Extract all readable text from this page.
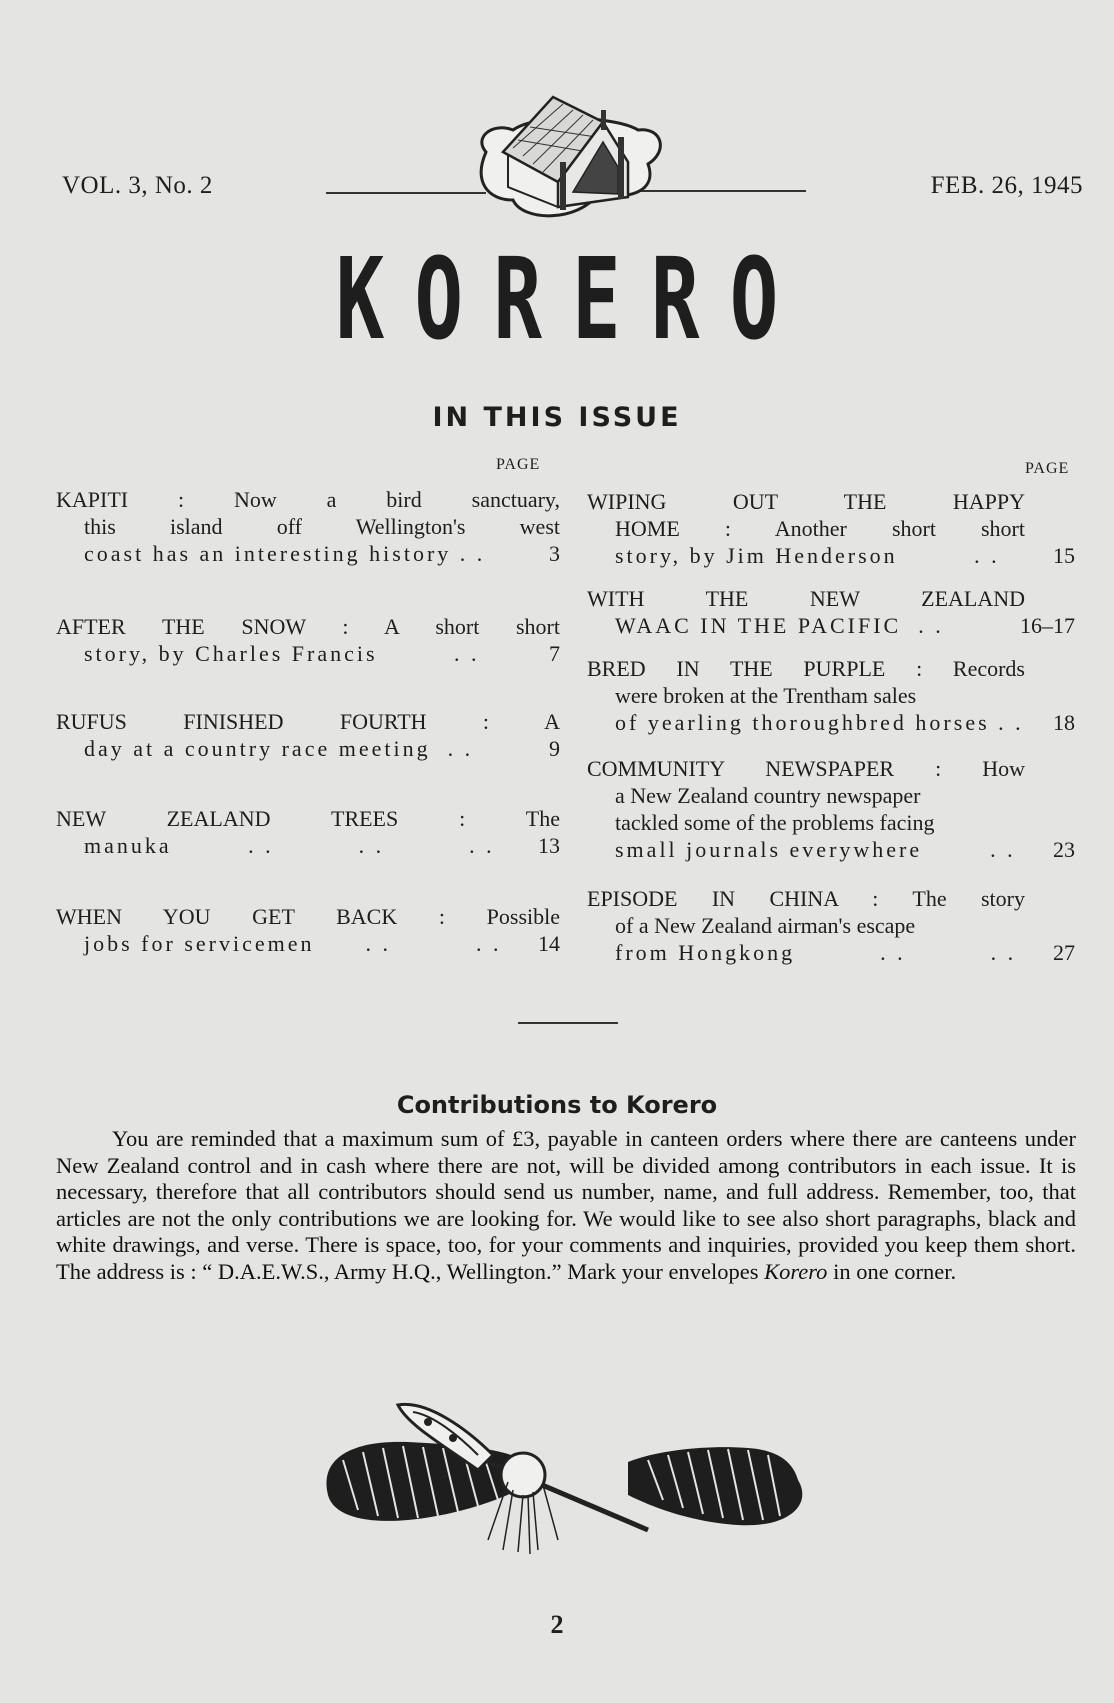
VOL. 3, No. 2	FEB. 26, 1945
KORERO
IN THIS ISSUE
PAGE	PAGE
KAPITI : Now a bird sanctuary,
this island off Wellington's west
coast has an interesting history . .	3
AFTER THE SNOW : A short short
story, by Charles Francis         . .	7
RUFUS FINISHED FOURTH : A
day at a country race meeting  . .	9
NEW ZEALAND TREES : The
manuka         . .          . .          . .	13
WHEN YOU GET BACK : Possible
jobs for servicemen      . .          . .	14
WIPING OUT THE HAPPY
HOME : Another short short
story, by Jim Henderson         . .	15
WITH THE NEW ZEALAND
WAAC IN THE PACIFIC  . .	16–17
BRED IN THE PURPLE : Records
were broken at the Trentham sales
of yearling thoroughbred horses . .	18
COMMUNITY NEWSPAPER : How
a New Zealand country newspaper
tackled some of the problems facing
small journals everywhere        . .	23
EPISODE IN CHINA : The story
of a New Zealand airman's escape
from Hongkong          . .          . .	27
Contributions to Korero
You are reminded that a maximum sum of £3, payable in canteen orders where there are canteens under New Zealand control and in cash where there are not, will be divided among contributors in each issue. It is necessary, therefore that all contributors should send us number, name, and full address. Remember, too, that articles are not the only contributions we are looking for. We would like to see also short paragraphs, black and white drawings, and verse. There is space, too, for your comments and inquiries, provided you keep them short. The address is : “ D.A.E.W.S., Army H.Q., Wellington.” Mark your envelopes Korero in one corner.
2
